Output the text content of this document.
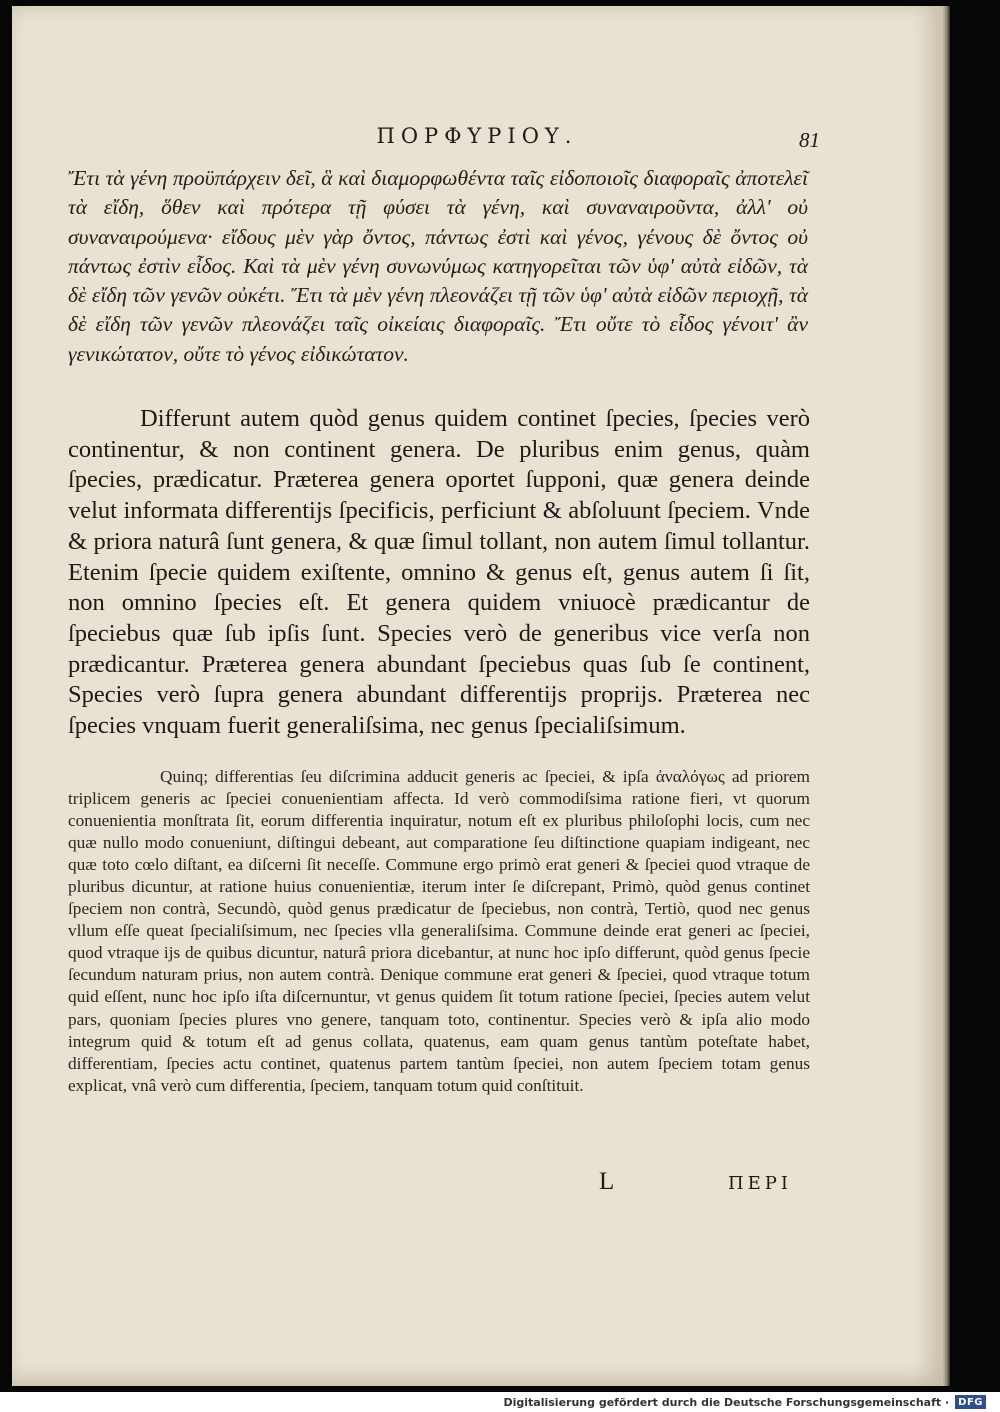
ΠΟΡΦΥΡΙΟΥ.	81
Ἔτι τὰ γένη προϋπάρχειν δεῖ, ἃ καὶ διαμορφωθέντα ταῖς εἰδοποιοῖς διαφοραῖς ἀποτελεῖ τὰ εἴδη, ὅθεν καὶ πρότερα τῇ φύσει τὰ γένη, καὶ συναναιροῦντα, ἀλλ' οὐ συναναιρούμενα· εἴδους μὲν γὰρ ὄντος, πάντως ἐστὶ καὶ γένος, γένους δὲ ὄντος οὐ πάντως ἐστὶν εἶδος. Καὶ τὰ μὲν γένη συνωνύμως κατηγορεῖται τῶν ὑφ' αὐτὰ εἰδῶν, τὰ δὲ εἴδη τῶν γενῶν οὐκέτι. Ἔτι τὰ μὲν γένη πλεονάζει τῇ τῶν ὑφ' αὐτὰ εἰδῶν περιοχῇ, τὰ δὲ εἴδη τῶν γενῶν πλεονάζει ταῖς οἰκείαις διαφοραῖς. Ἔτι οὔτε τὸ εἶδος γένοιτ' ἂν γενικώτατον, οὔτε τὸ γένος εἰδικώτατον.

Differunt autem quòd genus quidem continet ſpecies, ſpecies verò continentur, & non continent genera. De pluribus enim genus, quàm ſpecies, prædicatur. Præterea genera oportet ſupponi, quæ genera deinde velut informata differentijs ſpecificis, perficiunt & abſoluunt ſpeciem. Vnde & priora naturâ ſunt genera, & quæ ſimul tollant, non autem ſimul tollantur. Etenim ſpecie quidem exiſtente, omnino & genus eſt, genus autem ſi ſit, non omnino ſpecies eſt. Et genera quidem vniuocè prædicantur de ſpeciebus quæ ſub ipſis ſunt. Species verò de generibus vice verſa non prædicantur. Præterea genera abundant ſpeciebus quas ſub ſe continent, Species verò ſupra genera abundant differentijs proprijs. Præterea nec ſpecies vnquam fuerit generaliſsima, nec genus ſpecialiſsimum.

Quinq; differentias ſeu diſcrimina adducit generis ac ſpeciei, & ipſa ἀναλόγως ad priorem triplicem generis ac ſpeciei conuenientiam affecta. Id verò commodiſsima ratione fieri, vt quorum conuenientia monſtrata ſit, eorum differentia inquiratur, notum eſt ex pluribus philoſophi locis, cum nec quæ nullo modo conueniunt, diſtingui debeant, aut comparatione ſeu diſtinctione quapiam indigeant, nec quæ toto cœlo diſtant, ea diſcerni ſit neceſſe. Commune ergo primò erat generi & ſpeciei quod vtraque de pluribus dicuntur, at ratione huius conuenientiæ, iterum inter ſe diſcrepant, Primò, quòd genus continet ſpeciem non contrà, Secundò, quòd genus prædicatur de ſpeciebus, non contrà, Tertiò, quod nec genus vllum eſſe queat ſpecialiſsimum, nec ſpecies vlla generaliſsima. Commune deinde erat generi ac ſpeciei, quod vtraque ijs de quibus dicuntur, naturâ priora dicebantur, at nunc hoc ipſo differunt, quòd genus ſpecie ſecundum naturam prius, non autem contrà. Denique commune erat generi & ſpeciei, quod vtraque totum quid eſſent, nunc hoc ipſo iſta diſcernuntur, vt genus quidem ſit totum ratione ſpeciei, ſpecies autem velut pars, quoniam ſpecies plures vno genere, tanquam toto, continentur. Species verò & ipſa alio modo integrum quid & totum eſt ad genus collata, quatenus, eam quam genus tantùm poteſtate habet, differentiam, ſpecies actu continet, quatenus partem tantùm ſpeciei, non autem ſpeciem totam genus explicat, vnâ verò cum differentia, ſpeciem, tanquam totum quid conſtituit.

L	ΠΕΡΙ
Digitalisierung gefördert durch die Deutsche Forschungsgemeinschaft · DFG
